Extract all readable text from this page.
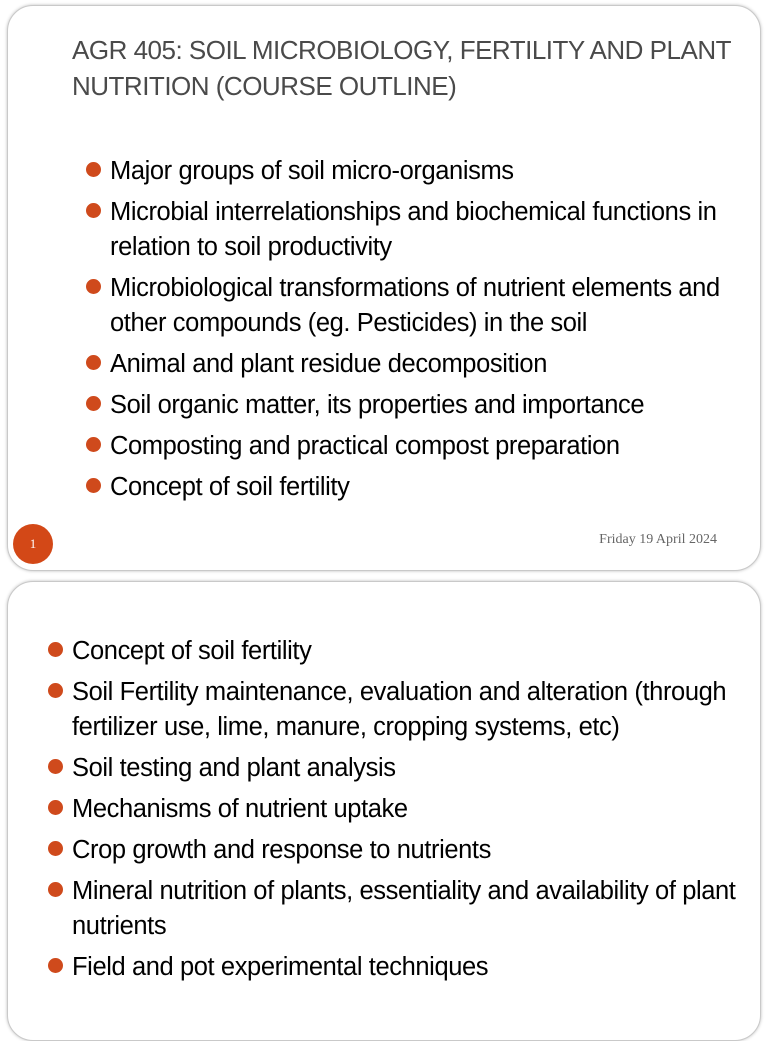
AGR 405: SOIL MICROBIOLOGY, FERTILITY AND PLANT NUTRITION (COURSE OUTLINE)
Major groups of soil micro-organisms
Microbial interrelationships and biochemical functions in relation to soil productivity
Microbiological transformations of nutrient elements and other compounds (eg. Pesticides) in the soil
Animal and plant residue decomposition
Soil organic matter, its properties and importance
Composting and practical compost preparation
Concept of soil fertility
1	Friday 19 April 2024
Concept of soil fertility
Soil Fertility maintenance, evaluation and alteration (through fertilizer use, lime, manure, cropping systems, etc)
Soil testing and plant analysis
Mechanisms of nutrient uptake
Crop growth and response to nutrients
Mineral nutrition of plants, essentiality and availability of plant nutrients
Field and pot experimental techniques
